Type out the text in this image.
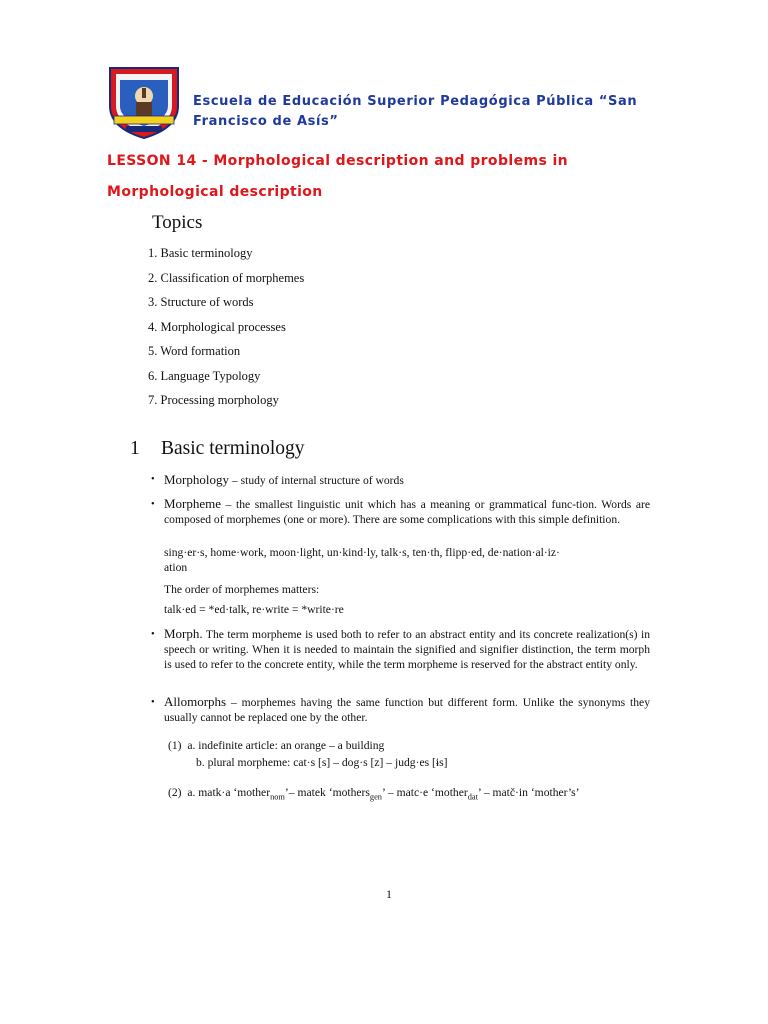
Escuela de Educación Superior Pedagógica Pública “San
Francisco de Asís”
LESSON 14 - Morphological description and problems in
Morphological description
Topics
1. Basic terminology
2. Classification of morphemes
3. Structure of words
4. Morphological processes
5. Word formation
6. Language Typology
7. Processing morphology
1 Basic terminology
• Morphology – study of internal structure of words
• Morpheme – the smallest linguistic unit which has a meaning or grammatical func-tion. Words are composed of morphemes (one or more). There are some complications with this simple definition.
sing·er·s, home·work, moon·light, un·kind·ly, talk·s, ten·th, flipp·ed, de·nation·al·iz·
ation
The order of morphemes matters:
talk·ed = *ed·talk, re·write = *write·re
• Morph. The term morpheme is used both to refer to an abstract entity and its concrete realization(s) in speech or writing. When it is needed to maintain the signified and signifier distinction, the term morph is used to refer to the concrete entity, while the term morpheme is reserved for the abstract entity only.
• Allomorphs – morphemes having the same function but different form. Unlike the synonyms they usually cannot be replaced one by the other.
(1) a. indefinite article: an orange – a building
b. plural morpheme: cat·s [s] – dog·s [z] – judg·es [ɨs]
(2) a. matk·a ‘mother$_{nom}$’– matek ‘mothers$_{gen}$’ – matc·e ‘mother$_{dat}$’ – matč·in ‘mother’s’
1
